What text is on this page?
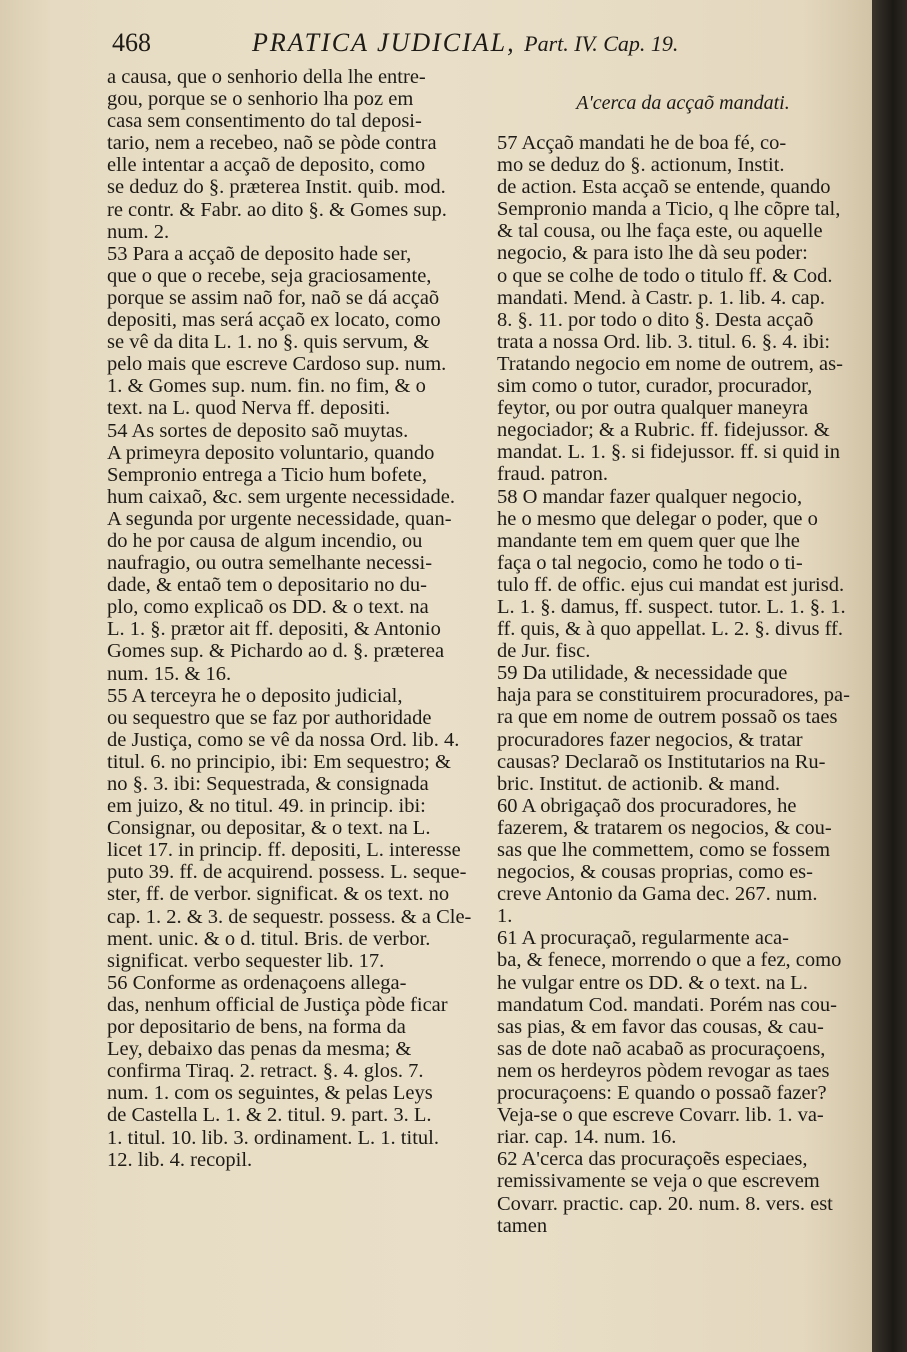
468	PRATICA JUDICIAL, Part. IV. Cap. 19.
a causa, que o senhorio della lhe entre-
gou, porque se o senhorio lha poz em
casa sem consentimento do tal deposi-
tario, nem a recebeo, naõ se pòde contra
elle intentar a acçaõ de deposito, como
se deduz do §. præterea Instit. quib. mod.
re contr. & Fabr. ao dito §. & Gomes sup.
num. 2.
53 Para a acçaõ de deposito hade ser,
que o que o recebe, seja graciosamente,
porque se assim naõ for, naõ se dá acçaõ
depositi, mas será acçaõ ex locato, como
se vê da dita L. 1. no §. quis servum, &
pelo mais que escreve Cardoso sup. num.
1. & Gomes sup. num. fin. no fim, & o
text. na L. quod Nerva ff. depositi.
54 As sortes de deposito saõ muytas.
A primeyra deposito voluntario, quando
Sempronio entrega a Ticio hum bofete,
hum caixaõ, &c. sem urgente necessidade.
A segunda por urgente necessidade, quan-
do he por causa de algum incendio, ou
naufragio, ou outra semelhante necessi-
dade, & entaõ tem o depositario no du-
plo, como explicaõ os DD. & o text. na
L. 1. §. prætor ait ff. depositi, & Antonio
Gomes sup. & Pichardo ao d. §. præterea
num. 15. & 16.
55 A terceyra he o deposito judicial,
ou sequestro que se faz por authoridade
de Justiça, como se vê da nossa Ord. lib. 4.
titul. 6. no principio, ibi: Em sequestro; &
no §. 3. ibi: Sequestrada, & consignada
em juizo, & no titul. 49. in princip. ibi:
Consignar, ou depositar, & o text. na L.
licet 17. in princip. ff. depositi, L. interesse
puto 39. ff. de acquirend. possess. L. seque-
ster, ff. de verbor. significat. & os text. no
cap. 1. 2. & 3. de sequestr. possess. & a Cle-
ment. unic. & o d. titul. Bris. de verbor.
significat. verbo sequester lib. 17.
56 Conforme as ordenaçoens allega-
das, nenhum official de Justiça pòde ficar
por depositario de bens, na forma da
Ley, debaixo das penas da mesma; &
confirma Tiraq. 2. retract. §. 4. glos. 7.
num. 1. com os seguintes, & pelas Leys
de Castella L. 1. & 2. titul. 9. part. 3. L.
1. titul. 10. lib. 3. ordinament. L. 1. titul.
12. lib. 4. recopil.
A'cerca da acçaõ mandati.
57 Acçaõ mandati he de boa fé, co-
mo se deduz do §. actionum, Instit.
de action. Esta acçaõ se entende, quando
Sempronio manda a Ticio, q lhe cõpre tal,
& tal cousa, ou lhe faça este, ou aquelle
negocio, & para isto lhe dà seu poder:
o que se colhe de todo o titulo ff. & Cod.
mandati. Mend. à Castr. p. 1. lib. 4. cap.
8. §. 11. por todo o dito §. Desta acçaõ
trata a nossa Ord. lib. 3. titul. 6. §. 4. ibi:
Tratando negocio em nome de outrem, as-
sim como o tutor, curador, procurador,
feytor, ou por outra qualquer maneyra
negociador; & a Rubric. ff. fidejussor. &
mandat. L. 1. §. si fidejussor. ff. si quid in
fraud. patron.
58 O mandar fazer qualquer negocio,
he o mesmo que delegar o poder, que o
mandante tem em quem quer que lhe
faça o tal negocio, como he todo o ti-
tulo ff. de offic. ejus cui mandat est jurisd.
L. 1. §. damus, ff. suspect. tutor. L. 1. §. 1.
ff. quis, & à quo appellat. L. 2. §. divus ff.
de Jur. fisc.
59 Da utilidade, & necessidade que
haja para se constituirem procuradores, pa-
ra que em nome de outrem possaõ os taes
procuradores fazer negocios, & tratar
causas? Declaraõ os Institutarios na Ru-
bric. Institut. de actionib. & mand.
60 A obrigaçaõ dos procuradores, he
fazerem, & tratarem os negocios, & cou-
sas que lhe commettem, como se fossem
negocios, & cousas proprias, como es-
creve Antonio da Gama dec. 267. num.
1.
61 A procuraçaõ, regularmente aca-
ba, & fenece, morrendo o que a fez, como
he vulgar entre os DD. & o text. na L.
mandatum Cod. mandati. Porém nas cou-
sas pias, & em favor das cousas, & cau-
sas de dote naõ acabaõ as procuraçoens,
nem os herdeyros pòdem revogar as taes
procuraçoens: E quando o possaõ fazer?
Veja-se o que escreve Covarr. lib. 1. va-
riar. cap. 14. num. 16.
62 A'cerca das procuraçoẽs especiaes,
remissivamente se veja o que escrevem
Covarr. practic. cap. 20. num. 8. vers. est
tamen
